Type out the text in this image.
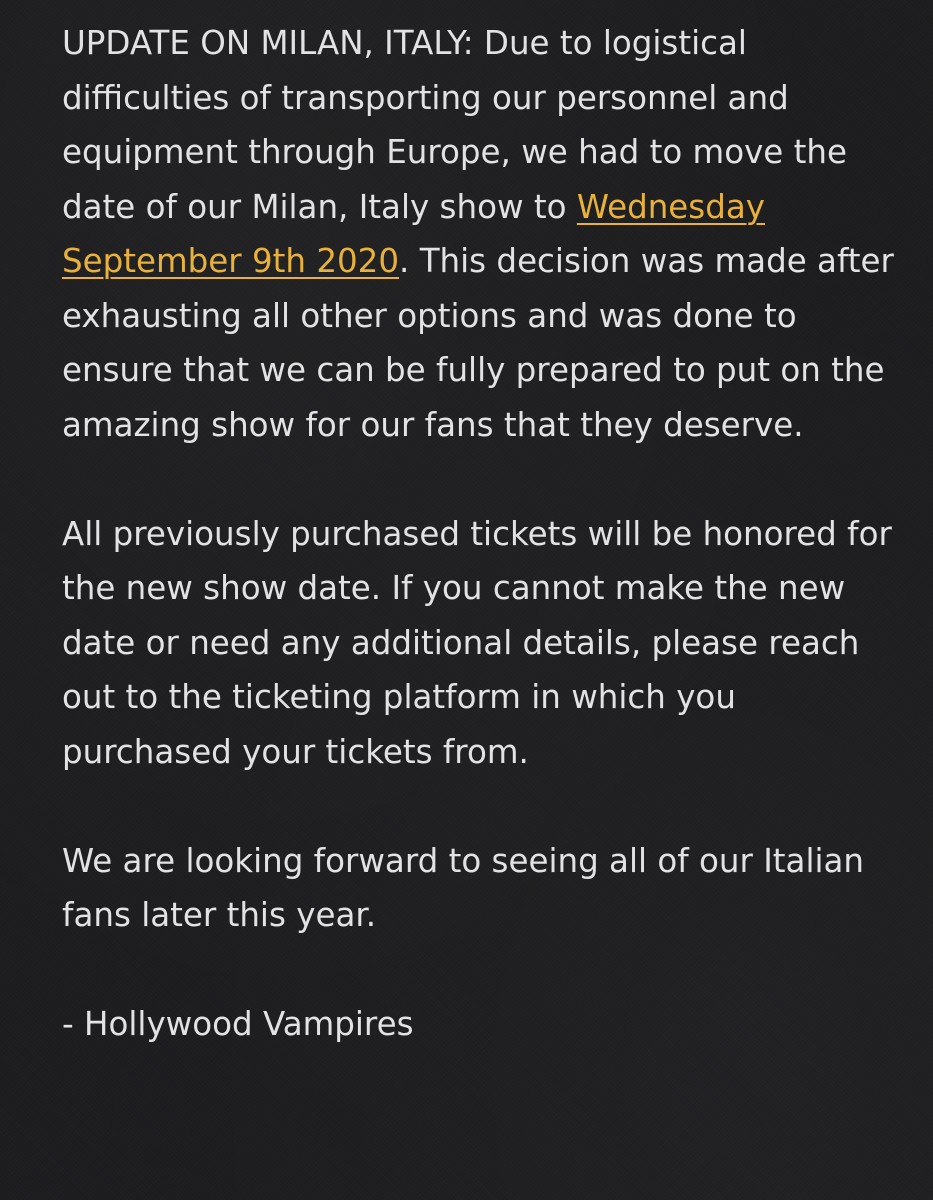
UPDATE ON MILAN, ITALY: Due to logistical difficulties of transporting our personnel and equipment through Europe, we had to move the date of our Milan, Italy show to Wednesday September 9th 2020. This decision was made after exhausting all other options and was done to ensure that we can be fully prepared to put on the amazing show for our fans that they deserve.

All previously purchased tickets will be honored for the new show date. If you cannot make the new date or need any additional details, please reach out to the ticketing platform in which you purchased your tickets from.

We are looking forward to seeing all of our Italian fans later this year.

- Hollywood Vampires
